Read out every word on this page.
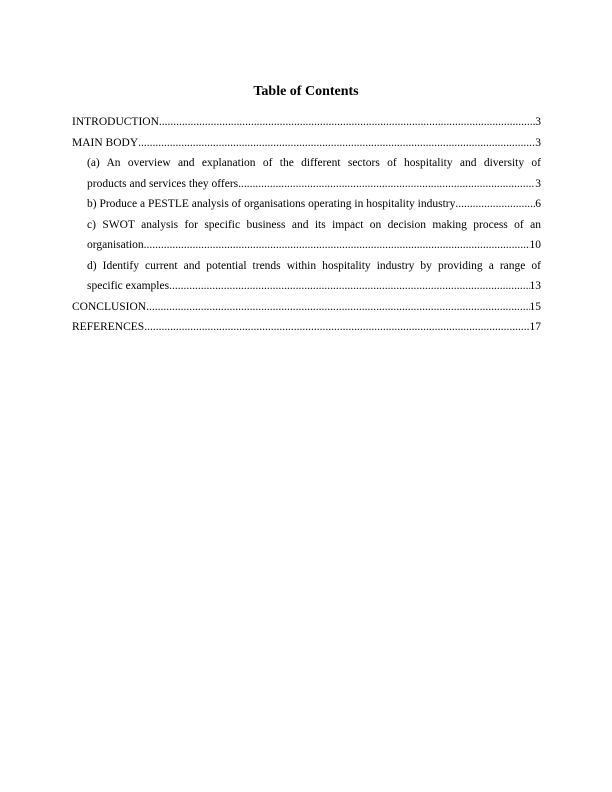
Table of Contents
INTRODUCTION .....	3
MAIN BODY .....	3
(a) An overview and explanation of the different sectors of hospitality and diversity of
products and services they offers .....	3
b) Produce a PESTLE analysis of organisations operating in hospitality industry .....	6
c) SWOT analysis for specific business and its impact on decision making process of an
organisation .....	10
d) Identify current and potential trends within hospitality industry by providing a range of
specific examples .....	13
CONCLUSION .....	15
REFERENCES .....	17
